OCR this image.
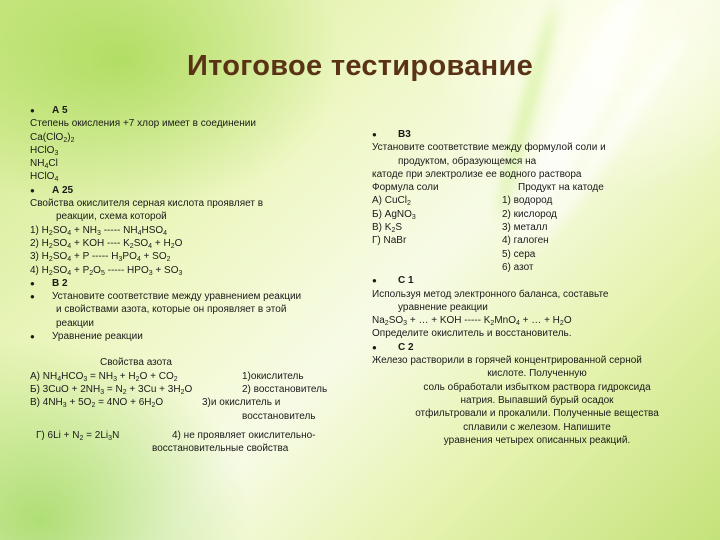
Итоговое тестирование
● А 5
Степень окисления +7 хлор имеет в соединении
$Ca(ClO_2)_2$
HClO$_3$
$NH_4Cl$
HClO$_4$
● А 25
Свойства окислителя серная кислота проявляет в
реакции, схема которой
1) $H_2SO_4 + NH_3$ ----- $NH_4HSO_4$
2) $H_2SO_4$ + KOH ---- $K_2SO_4 + H_2O$
3) $H_2SO_4 + P$ ----- $H_3PO_4 + SO_2$
4) $H_2SO_4 + P_2O_5$ ----- $HPO_3 + SO_3$
● В 2
● Установите соответствие между уравнением реакции
и свойствами азота, которые он проявляет в этой
реакции
● Уравнение реакции
Свойства азота
А) $NH_4HCO_3 = NH_3 + H_2O + CO_2$	1)окислитель
Б) $3CuO + 2NH_3 = N_2 + 3Cu + 3H_2O$	2) восстановитель
В) $4NH_3 + 5O_2 = 4NO + 6H_2O$	3)и окислитель и
восстановитель
Г) $6Li + N_2 = 2Li_3N$	4) не проявляет окислительно-
восстановительные свойства
● В3
Установите соответствие между формулой соли и
продуктом, образующемся на
катоде при электролизе ее водного раствора
Формула соли	Продукт на катоде
А) CuCl$_2$	1) водород
Б) AgNO$_3$	2) кислород
В) $K_2S$	3) металл
Г) NaBr	4) галоген
5) сера
6) азот
● С 1
Используя метод электронного баланса, составьте
уравнение реакции
$Na_2SO_3$ + … + KOH ----- $K_2MnO_4$ + … + $H_2O$
Определите окислитель и восстановитель.
● С 2
Железо растворили в горячей концентрированной серной
кислоте. Полученную
соль обработали избытком раствора гидроксида
натрия. Выпавший бурый осадок
отфильтровали и прокалили. Полученные вещества
сплавили с железом. Напишите
уравнения четырех описанных реакций.
